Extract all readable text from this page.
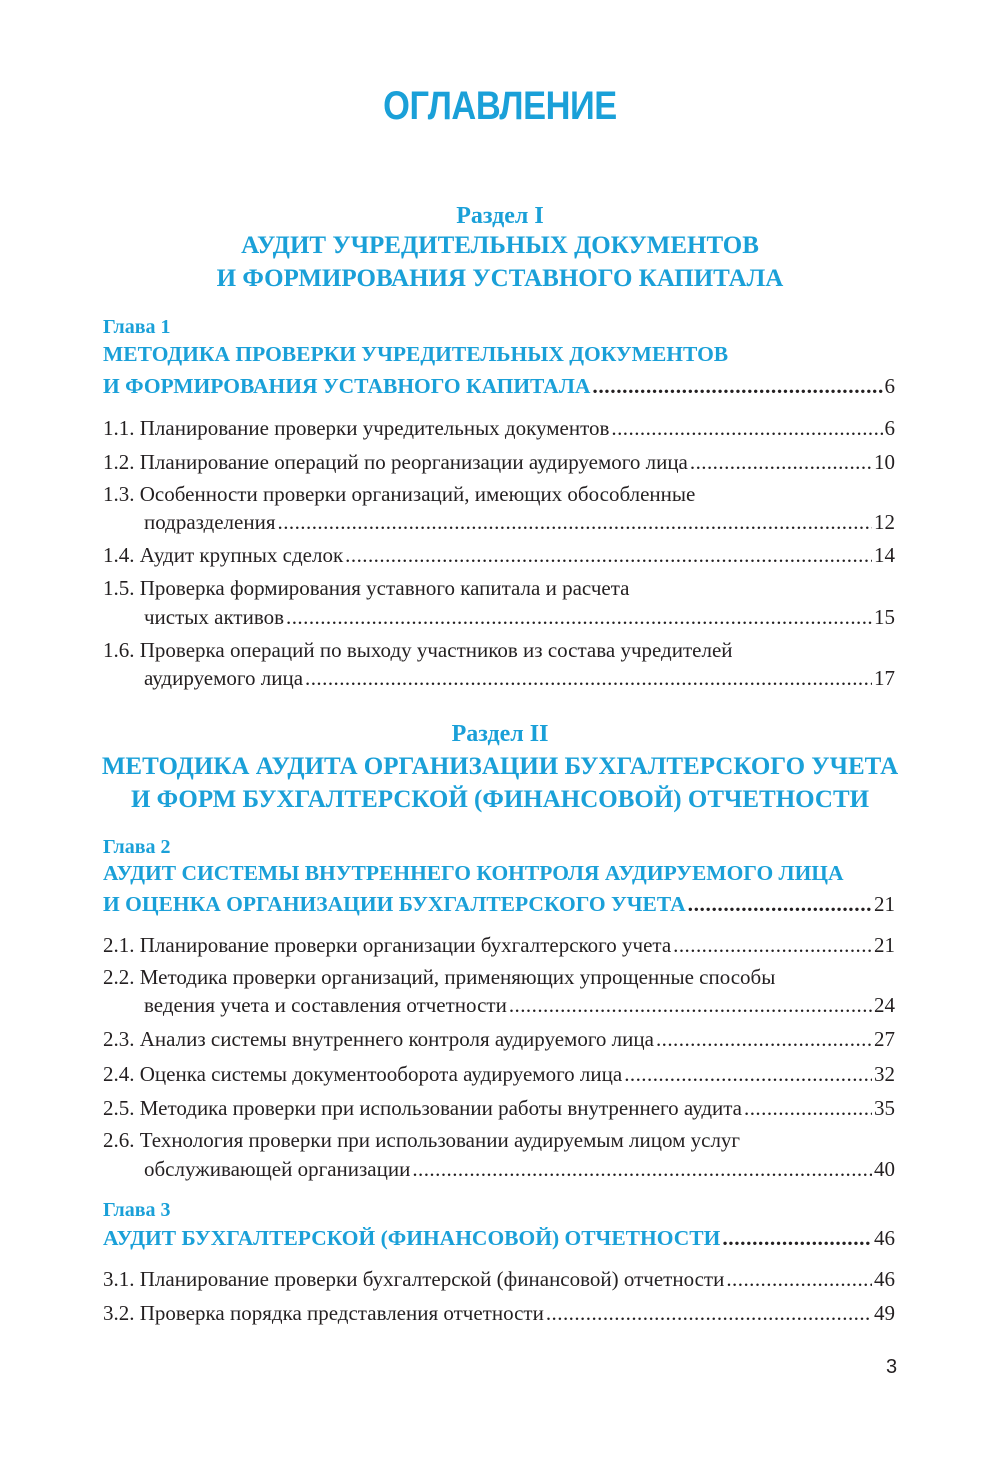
ОГЛАВЛЕНИЕ
Раздел I
АУДИТ УЧРЕДИТЕЛЬНЫХ ДОКУМЕНТОВ
И ФОРМИРОВАНИЯ УСТАВНОГО КАПИТАЛА
Глава 1
МЕТОДИКА ПРОВЕРКИ УЧРЕДИТЕЛЬНЫХ ДОКУМЕНТОВ
И ФОРМИРОВАНИЯ УСТАВНОГО КАПИТАЛА . . .	6
1.1. Планирование проверки учредительных документов . . .	6
1.2. Планирование операций по реорганизации аудируемого лица . . .	10
1.3. Особенности проверки организаций, имеющих обособленные
подразделения . . .	12
1.4. Аудит крупных сделок . . .	14
1.5. Проверка формирования уставного капитала и расчета
чистых активов . . .	15
1.6. Проверка операций по выходу участников из состава учредителей
аудируемого лица . . .	17
Раздел II
МЕТОДИКА АУДИТА ОРГАНИЗАЦИИ БУХГАЛТЕРСКОГО УЧЕТА
И ФОРМ БУХГАЛТЕРСКОЙ (ФИНАНСОВОЙ) ОТЧЕТНОСТИ
Глава 2
АУДИТ СИСТЕМЫ ВНУТРЕННЕГО КОНТРОЛЯ АУДИРУЕМОГО ЛИЦА
И ОЦЕНКА ОРГАНИЗАЦИИ БУХГАЛТЕРСКОГО УЧЕТА . . .	21
2.1. Планирование проверки организации бухгалтерского учета . . .	21
2.2. Методика проверки организаций, применяющих упрощенные способы
ведения учета и составления отчетности . . .	24
2.3. Анализ системы внутреннего контроля аудируемого лица . . .	27
2.4. Оценка системы документооборота аудируемого лица . . .	32
2.5. Методика проверки при использовании работы внутреннего аудита . . .	35
2.6. Технология проверки при использовании аудируемым лицом услуг
обслуживающей организации . . .	40
Глава 3
АУДИТ БУХГАЛТЕРСКОЙ (ФИНАНСОВОЙ) ОТЧЕТНОСТИ . . .	46
3.1. Планирование проверки бухгалтерской (финансовой) отчетности . . .	46
3.2. Проверка порядка представления отчетности . . .	49
3
